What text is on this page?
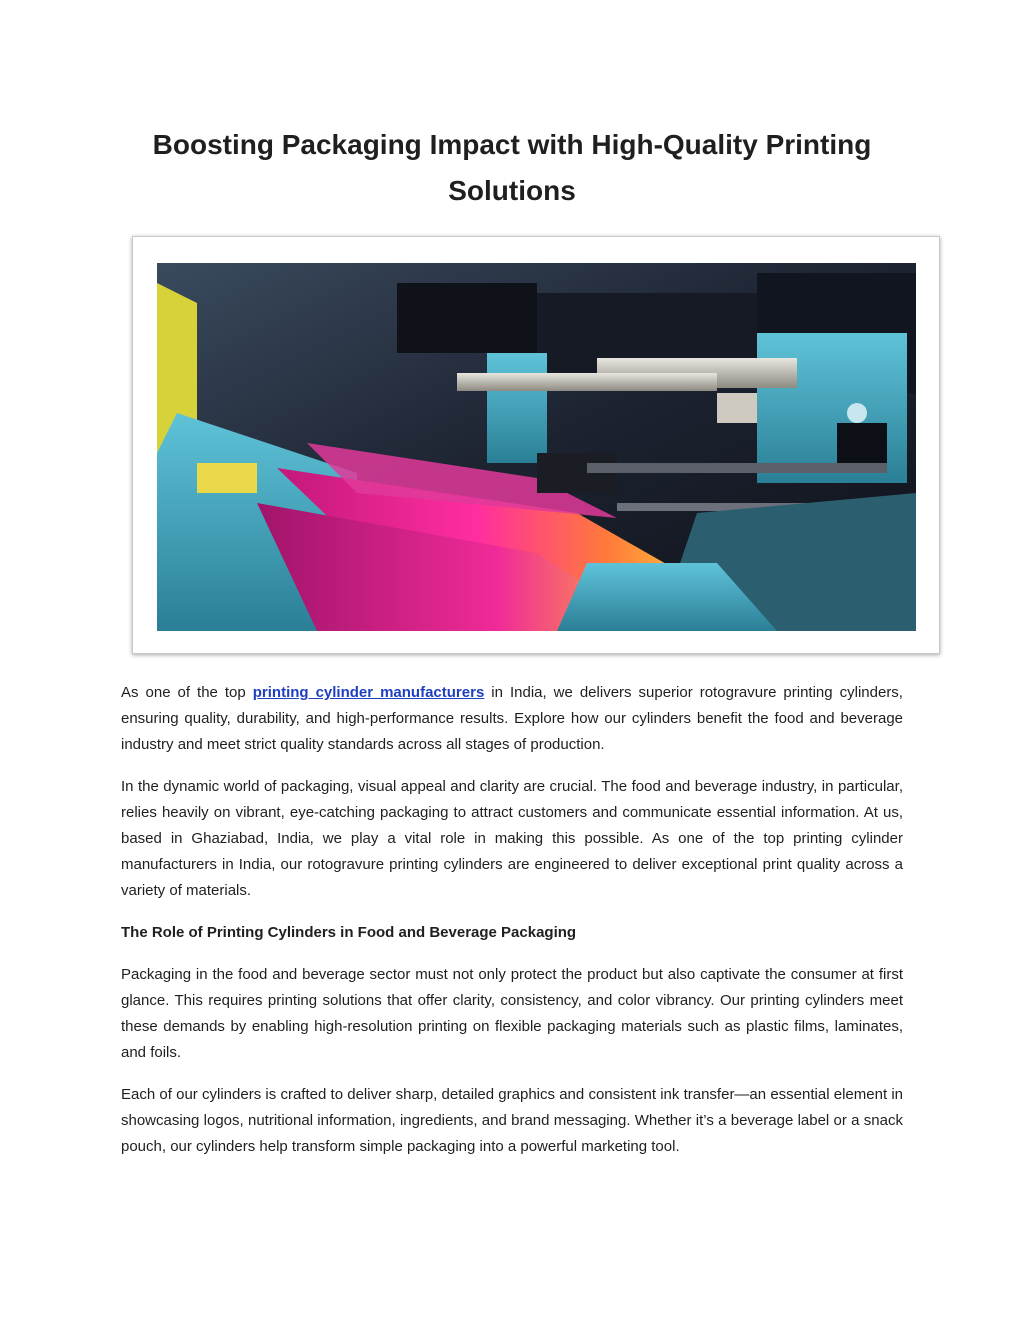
Boosting Packaging Impact with High-Quality Printing Solutions

As one of the top printing cylinder manufacturers in India, we delivers superior rotogravure printing cylinders, ensuring quality, durability, and high-performance results. Explore how our cylinders benefit the food and beverage industry and meet strict quality standards across all stages of production.

In the dynamic world of packaging, visual appeal and clarity are crucial. The food and beverage industry, in particular, relies heavily on vibrant, eye-catching packaging to attract customers and communicate essential information. At us, based in Ghaziabad, India, we play a vital role in making this possible. As one of the top printing cylinder manufacturers in India, our rotogravure printing cylinders are engineered to deliver exceptional print quality across a variety of materials.

The Role of Printing Cylinders in Food and Beverage Packaging

Packaging in the food and beverage sector must not only protect the product but also captivate the consumer at first glance. This requires printing solutions that offer clarity, consistency, and color vibrancy. Our printing cylinders meet these demands by enabling high-resolution printing on flexible packaging materials such as plastic films, laminates, and foils.

Each of our cylinders is crafted to deliver sharp, detailed graphics and consistent ink transfer—an essential element in showcasing logos, nutritional information, ingredients, and brand messaging. Whether it’s a beverage label or a snack pouch, our cylinders help transform simple packaging into a powerful marketing tool.
